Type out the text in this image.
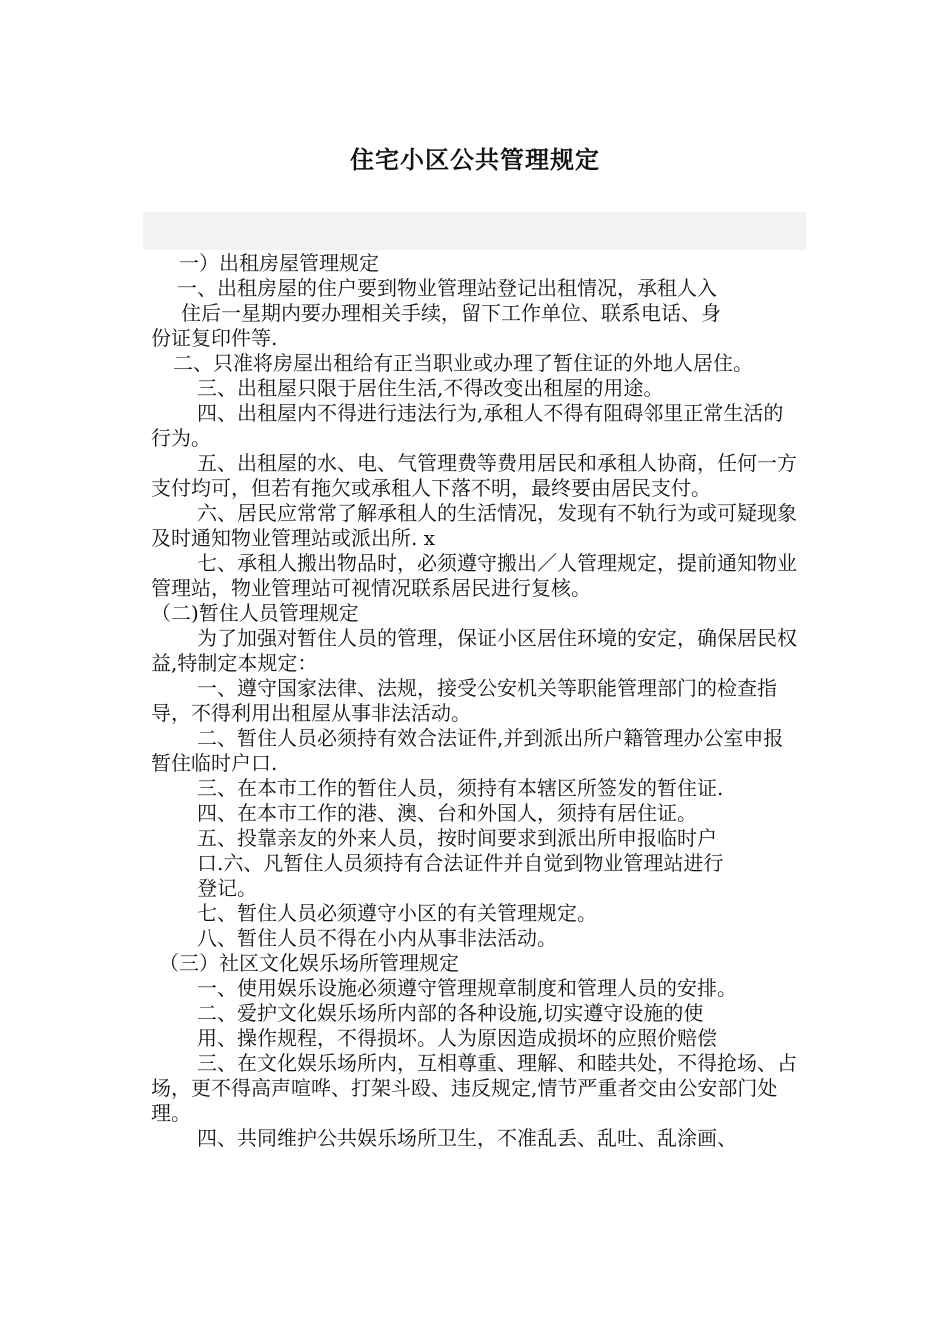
住宅小区公共管理规定

一）出租房屋管理规定

一、出租房屋的住户要到物业管理站登记出租情况，承租人入

住后一星期内要办理相关手续，留下工作单位、联系电话、身

份证复印件等.

二、只准将房屋出租给有正当职业或办理了暂住证的外地人居住。

三、出租屋只限于居住生活,不得改变出租屋的用途。

四、出租屋内不得进行违法行为,承租人不得有阻碍邻里正常生活的行为。

五、出租屋的水、电、气管理费等费用居民和承租人协商，任何一方支付均可，但若有拖欠或承租人下落不明，最终要由居民支付。

六、居民应常常了解承租人的生活情况，发现有不轨行为或可疑现象及时通知物业管理站或派出所. x

七、承租人搬出物品时，必须遵守搬出／人管理规定，提前通知物业管理站，物业管理站可视情况联系居民进行复核。

（二)暂住人员管理规定

为了加强对暂住人员的管理，保证小区居住环境的安定，确保居民权益,特制定本规定：

一、遵守国家法律、法规，接受公安机关等职能管理部门的检查指导，不得利用出租屋从事非法活动。

二、暂住人员必须持有效合法证件,并到派出所户籍管理办公室申报暂住临时户口.

三、在本市工作的暂住人员，须持有本辖区所签发的暂住证.

四、在本市工作的港、澳、台和外国人，须持有居住证。

五、投靠亲友的外来人员，按时间要求到派出所申报临时户

口.六、凡暂住人员须持有合法证件并自觉到物业管理站进行

登记。

七、暂住人员必须遵守小区的有关管理规定。

八、暂住人员不得在小内从事非法活动。

（三）社区文化娱乐场所管理规定

一、使用娱乐设施必须遵守管理规章制度和管理人员的安排。

二、爱护文化娱乐场所内部的各种设施,切实遵守设施的使

用、操作规程，不得损坏。人为原因造成损坏的应照价赔偿

三、在文化娱乐场所内，互相尊重、理解、和睦共处，不得抢场、占场，更不得高声喧哗、打架斗殴、违反规定,情节严重者交由公安部门处理。

四、共同维护公共娱乐场所卫生，不准乱丢、乱吐、乱涂画、
